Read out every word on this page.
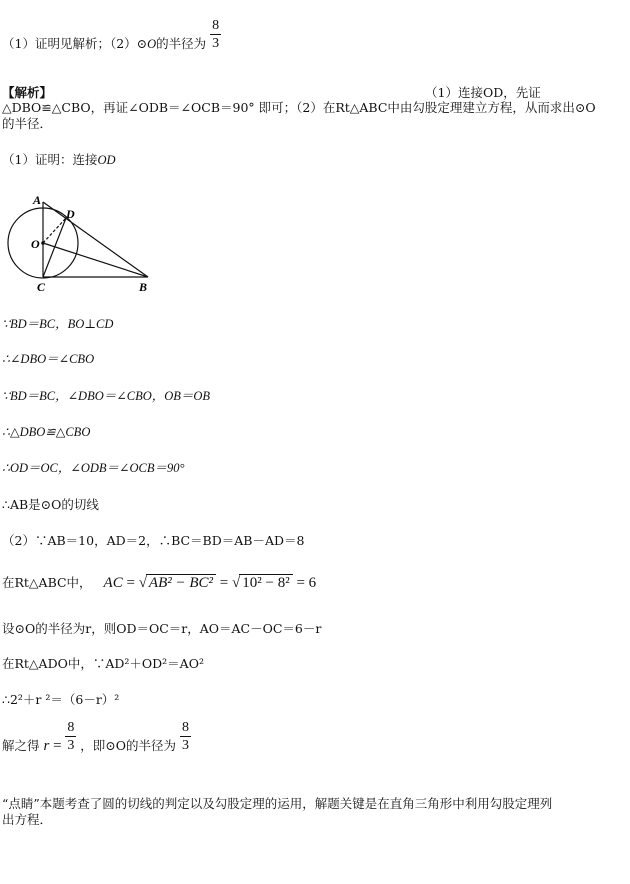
（1）证明见解析；（2）⊙O的半径为 $\frac{8}{3}$
【解析】	（1）连接OD，先证
△DBO≌△CBO，再证∠ODB＝∠OCB＝90° 即可；（2）在Rt△ABC中由勾股定理建立方程，从而求出⊙O
的半径．
（1）证明：连接OD
A
D
O
C	B
∵BD＝BC，BO⊥CD
∴∠DBO＝∠CBO
∵BD＝BC，∠DBO＝∠CBO，OB＝OB
∴△DBO≌△CBO
∴OD＝OC，∠ODB＝∠OCB＝90°
∴AB是⊙O的切线
（2）∵AB＝10，AD＝2，∴BC＝BD＝AB－AD＝8
在Rt△ABC中， AC = √ AB² − BC² = √ 10² − 8² = 6
设⊙O的半径为r，则OD＝OC＝r，AO＝AC－OC＝6－r
在Rt△ADO中，∵AD²＋OD²＝AO²
∴2²＋r ²＝（6－r）²
解之得 $r = \frac{8}{3}$ ，即⊙O的半径为 $\frac{8}{3}$
“点睛”本题考查了圆的切线的判定以及勾股定理的运用，解题关键是在直角三角形中利用勾股定理列
出方程．
